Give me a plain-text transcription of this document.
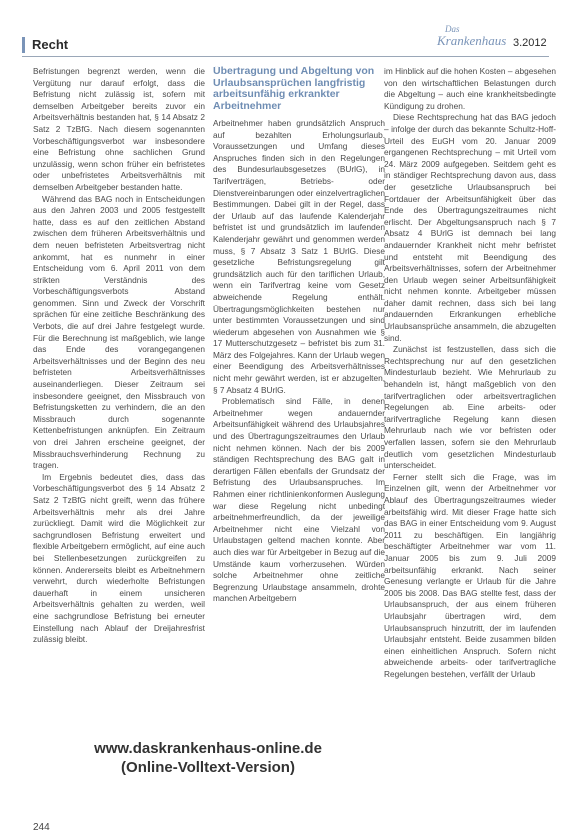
Recht
Das
Krankenhaus 3.2012

Befristungen begrenzt werden, wenn die Vergütung nur darauf erfolgt, dass die Befristung nicht zulässig ist, sofern mit demselben Arbeitgeber bereits zuvor ein Arbeitsverhältnis bestanden hat, § 14 Absatz 2 Satz 2 TzBfG. Nach diesem sogenannten Vorbeschäftigungsverbot war insbesondere eine Befristung ohne sachlichen Grund unzulässig, wenn schon früher ein befristetes oder unbefristetes Arbeitsverhältnis mit demselben Arbeitgeber bestanden hatte.

Während das BAG noch in Entscheidungen aus den Jahren 2003 und 2005 festgestellt hatte, dass es auf den zeitlichen Abstand zwischen dem früheren Arbeitsverhältnis und dem neuen befristeten Arbeitsvertrag nicht ankommt, hat es nunmehr in einer Entscheidung vom 6. April 2011 von dem strikten Verständnis des Vorbeschäftigungsverbots Abstand genommen. Sinn und Zweck der Vorschrift sprächen für eine zeitliche Beschränkung des Verbots, die auf drei Jahre festgelegt wurde. Für die Berechnung ist maßgeblich, wie lange das Ende des vorangegangenen Arbeitsverhältnisses und der Beginn des neu befristeten Arbeitsverhältnisses auseinanderliegen. Dieser Zeitraum sei insbesondere geeignet, den Missbrauch von Befristungsketten zu verhindern, die an den Missbrauch durch sogenannte Kettenbefristungen anknüpfen. Ein Zeitraum von drei Jahren erscheine geeignet, der Missbrauchsverhinderung Rechnung zu tragen.

Im Ergebnis bedeutet dies, dass das Vorbeschäftigungsverbot des § 14 Absatz 2 Satz 2 TzBfG nicht greift, wenn das frühere Arbeitsverhältnis mehr als drei Jahre zurückliegt. Damit wird die Möglichkeit zur sachgrundlosen Befristung erweitert und flexible Arbeitgebern ermöglicht, auf eine auch bei Stellenbesetzungen zurückgreifen zu können. Andererseits bleibt es Arbeitnehmern verwehrt, durch wiederholte Befristungen dauerhaft in einem unsicheren Arbeitsverhältnis gehalten zu werden, weil eine sachgrundlose Befristung bei erneuter Einstellung nach Ablauf der Dreijahresfrist zulässig bleibt.

Übertragung und Abgeltung von Urlaubsansprüchen langfristig arbeitsunfähig erkrankter Arbeitnehmer

Arbeitnehmer haben grundsätzlich Anspruch auf bezahlten Erholungsurlaub. Voraussetzungen und Umfang dieses Anspruches finden sich in den Regelungen des Bundesurlaubsgesetzes (BUrlG), in Tarifverträgen, Betriebs- oder Dienstvereinbarungen oder einzelvertraglichen Bestimmungen. Dabei gilt in der Regel, dass der Urlaub auf das laufende Kalenderjahr befristet ist und grundsätzlich im laufenden Kalenderjahr gewährt und genommen werden muss, § 7 Absatz 3 Satz 1 BUrlG. Diese gesetzliche Befristungsregelung gilt grundsätzlich auch für den tariflichen Urlaub, wenn ein Tarifvertrag keine vom Gesetz abweichende Regelung enthält. Übertragungsmöglichkeiten bestehen nur unter bestimmten Voraussetzungen und sind wiederum abgesehen von Ausnahmen wie § 17 Mutterschutzgesetz – befristet bis zum 31. März des Folgejahres. Kann der Urlaub wegen einer Beendigung des Arbeitsverhältnisses nicht mehr gewährt werden, ist er abzugelten, § 7 Absatz 4 BUrlG.

Problematisch sind Fälle, in denen Arbeitnehmer wegen andauernder Arbeitsunfähigkeit während des Urlaubsjahres und des Übertragungszeitraumes den Urlaub nicht nehmen können. Nach der bis 2009 ständigen Rechtsprechung des BAG galt in derartigen Fällen ebenfalls der Grundsatz der Befristung des Urlaubsanspruches. Im Rahmen einer richtlinienkonformen Auslegung war diese Regelung nicht unbedingt arbeitnehmerfreundlich, da der jeweilige Arbeitnehmer nicht eine Vielzahl von Urlaubstagen geltend machen konnte. Aber auch dies war für Arbeitgeber in Bezug auf die Umstände kaum vorherzusehen. Würden solche Arbeitnehmer ohne zeitliche Begrenzung Urlaubstage ansammeln, drohte manchen Arbeitgebern

im Hinblick auf die hohen Kosten – abgesehen von den wirtschaftlichen Belastungen durch die Abgeltung – auch eine krankheitsbedingte Kündigung zu drohen.

Diese Rechtsprechung hat das BAG jedoch – infolge der durch das bekannte Schultz-Hoff-Urteil des EuGH vom 20. Januar 2009 ergangenen Rechtsprechung – mit Urteil vom 24. März 2009 aufgegeben. Seitdem geht es in ständiger Rechtsprechung davon aus, dass der gesetzliche Urlaubsanspruch bei Fortdauer der Arbeitsunfähigkeit über das Ende des Übertragungszeitraumes nicht erlischt. Der Abgeltungsanspruch nach § 7 Absatz 4 BUrlG ist demnach bei lang andauernder Krankheit nicht mehr befristet und entsteht mit Beendigung des Arbeitsverhältnisses, sofern der Arbeitnehmer den Urlaub wegen seiner Arbeitsunfähigkeit nicht nehmen konnte. Arbeitgeber müssen daher damit rechnen, dass sich bei lang andauernden Erkrankungen erhebliche Urlaubsansprüche ansammeln, die abzugelten sind.

Zunächst ist festzustellen, dass sich die Rechtsprechung nur auf den gesetzlichen Mindesturlaub bezieht. Wie Mehrurlaub zu behandeln ist, hängt maßgeblich von den tarifvertraglichen oder arbeitsvertraglichen Regelungen ab. Eine arbeits- oder tarifvertragliche Regelung kann diesen Mehrurlaub nach wie vor befristen oder verfallen lassen, sofern sie den Mehrurlaub deutlich vom gesetzlichen Mindesturlaub unterscheidet.

Ferner stellt sich die Frage, was im Einzelnen gilt, wenn der Arbeitnehmer vor Ablauf des Übertragungszeitraumes wieder arbeitsfähig wird. Mit dieser Frage hatte sich das BAG in einer Entscheidung vom 9. August 2011 zu beschäftigen. Ein langjährig beschäftigter Arbeitnehmer war vom 11. Januar 2005 bis zum 9. Juli 2009 arbeitsunfähig erkrankt. Nach seiner Genesung verlangte er Urlaub für die Jahre 2005 bis 2008. Das BAG stellte fest, dass der Urlaubsanspruch, der aus einem früheren Urlaubsjahr übertragen wird, dem Urlaubsanspruch hinzutritt, der im laufenden Urlaubsjahr entsteht. Beide zusammen bilden einen einheitlichen Anspruch. Sofern nicht abweichende arbeits- oder tarifvertragliche Regelungen bestehen, verfällt der Urlaub

www.daskrankenhaus-online.de
(Online-Volltext-Version)
244
